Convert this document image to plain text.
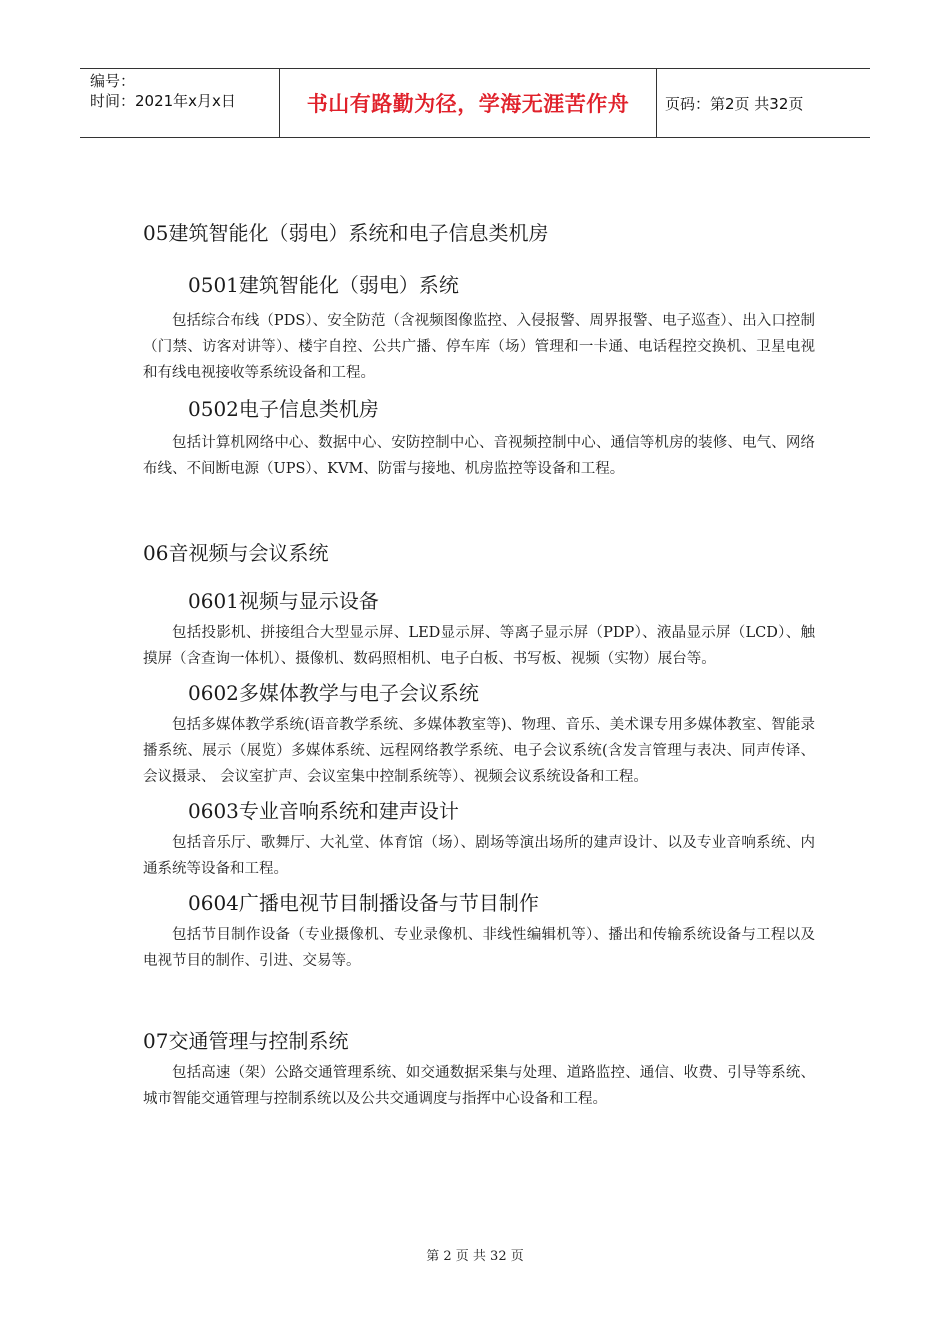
编号：
时间：2021年x月x日	书山有路勤为径，学海无涯苦作舟	页码：第2页 共32页
05建筑智能化（弱电）系统和电子信息类机房
0501建筑智能化（弱电）系统

包括综合布线（PDS）、安全防范（含视频图像监控、入侵报警、周界报警、电子巡查）、出入口控制（门禁、访客对讲等）、楼宇自控、公共广播、停车库（场）管理和一卡通、电话程控交换机、卫星电视和有线电视接收等系统设备和工程。

0502电子信息类机房

包括计算机网络中心、数据中心、安防控制中心、音视频控制中心、通信等机房的装修、电气、网络布线、不间断电源（UPS）、KVM、防雷与接地、机房监控等设备和工程。

06音视频与会议系统
0601视频与显示设备

包括投影机、拼接组合大型显示屏、LED显示屏、等离子显示屏（PDP）、液晶显示屏（LCD）、触摸屏（含查询一体机）、摄像机、数码照相机、电子白板、书写板、视频（实物）展台等。

0602多媒体教学与电子会议系统

包括多媒体教学系统(语音教学系统、多媒体教室等)、物理、音乐、美术课专用多媒体教室、智能录播系统、展示（展览）多媒体系统、远程网络教学系统、电子会议系统(含发言管理与表决、同声传译、会议摄录、 会议室扩声、会议室集中控制系统等）、视频会议系统设备和工程。

0603专业音响系统和建声设计

包括音乐厅、歌舞厅、大礼堂、体育馆（场）、剧场等演出场所的建声设计、以及专业音响系统、内通系统等设备和工程。

0604广播电视节目制播设备与节目制作

包括节目制作设备（专业摄像机、专业录像机、非线性编辑机等）、播出和传输系统设备与工程以及电视节目的制作、引进、交易等。

07交通管理与控制系统

包括高速（架）公路交通管理系统、如交通数据采集与处理、道路监控、通信、收费、引导等系统、城市智能交通管理与控制系统以及公共交通调度与指挥中心设备和工程。

第 2 页 共 32 页
